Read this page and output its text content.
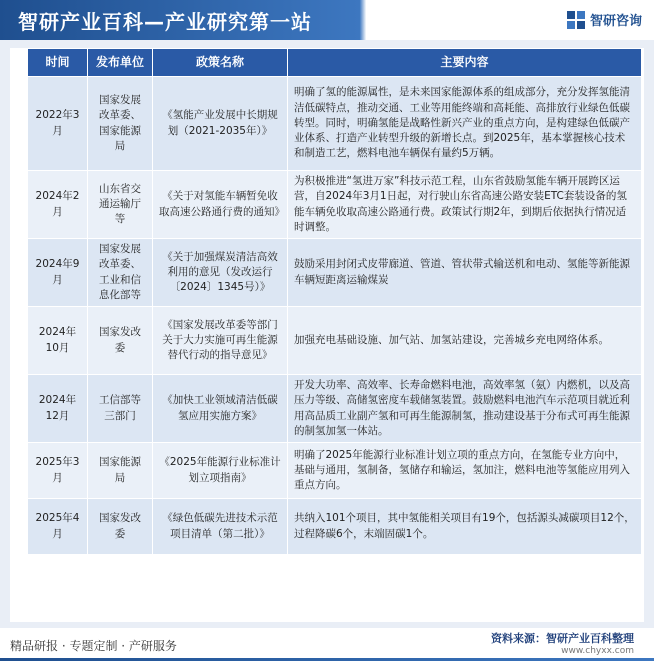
智研产业百科—产业研究第一站	智研咨询
时间	发布单位	政策名称	主要内容
2022年3月	国家发展改革委、国家能源局	《氢能产业发展中长期规划（2021-2035年）》	明确了氢的能源属性，是未来国家能源体系的组成部分，充分发挥氢能清洁低碳特点，推动交通、工业等用能终端和高耗能、高排放行业绿色低碳转型。同时，明确氢能是战略性新兴产业的重点方向，是构建绿色低碳产业体系、打造产业转型升级的新增长点。到2025年，基本掌握核心技术和制造工艺，燃料电池车辆保有量约5万辆。
2024年2月	山东省交通运输厅等	《关于对氢能车辆暂免收取高速公路通行费的通知》	为积极推进“氢进万家”科技示范工程，山东省鼓励氢能车辆开展跨区运营，自2024年3月1日起，对行驶山东省高速公路安装ETC套装设备的氢能车辆免收取高速公路通行费。政策试行期2年，到期后依据执行情况适时调整。
2024年9月	国家发展改革委、工业和信息化部等	《关于加强煤炭清洁高效利用的意见（发改运行〔2024〕1345号）》	鼓励采用封闭式皮带廊道、管道、管状带式输送机和电动、氢能等新能源车辆短距离运输煤炭
2024年10月	国家发改委	《国家发展改革委等部门关于大力实施可再生能源替代行动的指导意见》	加强充电基础设施、加气站、加氢站建设，完善城乡充电网络体系。
2024年12月	工信部等三部门	《加快工业领域清洁低碳氢应用实施方案》	开发大功率、高效率、长寿命燃料电池，高效率氢（氨）内燃机，以及高压力等级、高储氢密度车载储氢装置。鼓励燃料电池汽车示范项目就近利用高品质工业副产氢和可再生能源制氢，推动建设基于分布式可再生能源的制氢加氢一体站。
2025年3月	国家能源局	《2025年能源行业标准计划立项指南》	明确了2025年能源行业标准计划立项的重点方向，在氢能专业方向中，基础与通用，氢制备，氢储存和输运，氢加注，燃料电池等氢能应用列入重点方向。
2025年4月	国家发改委	《绿色低碳先进技术示范项目清单（第二批）》	共纳入101个项目，其中氢能相关项目有19个，包括源头减碳项目12个，过程降碳6个，末端固碳1个。
精品研报 · 专题定制 · 产研服务
资料来源：智研产业百科整理
www.chyxx.com
